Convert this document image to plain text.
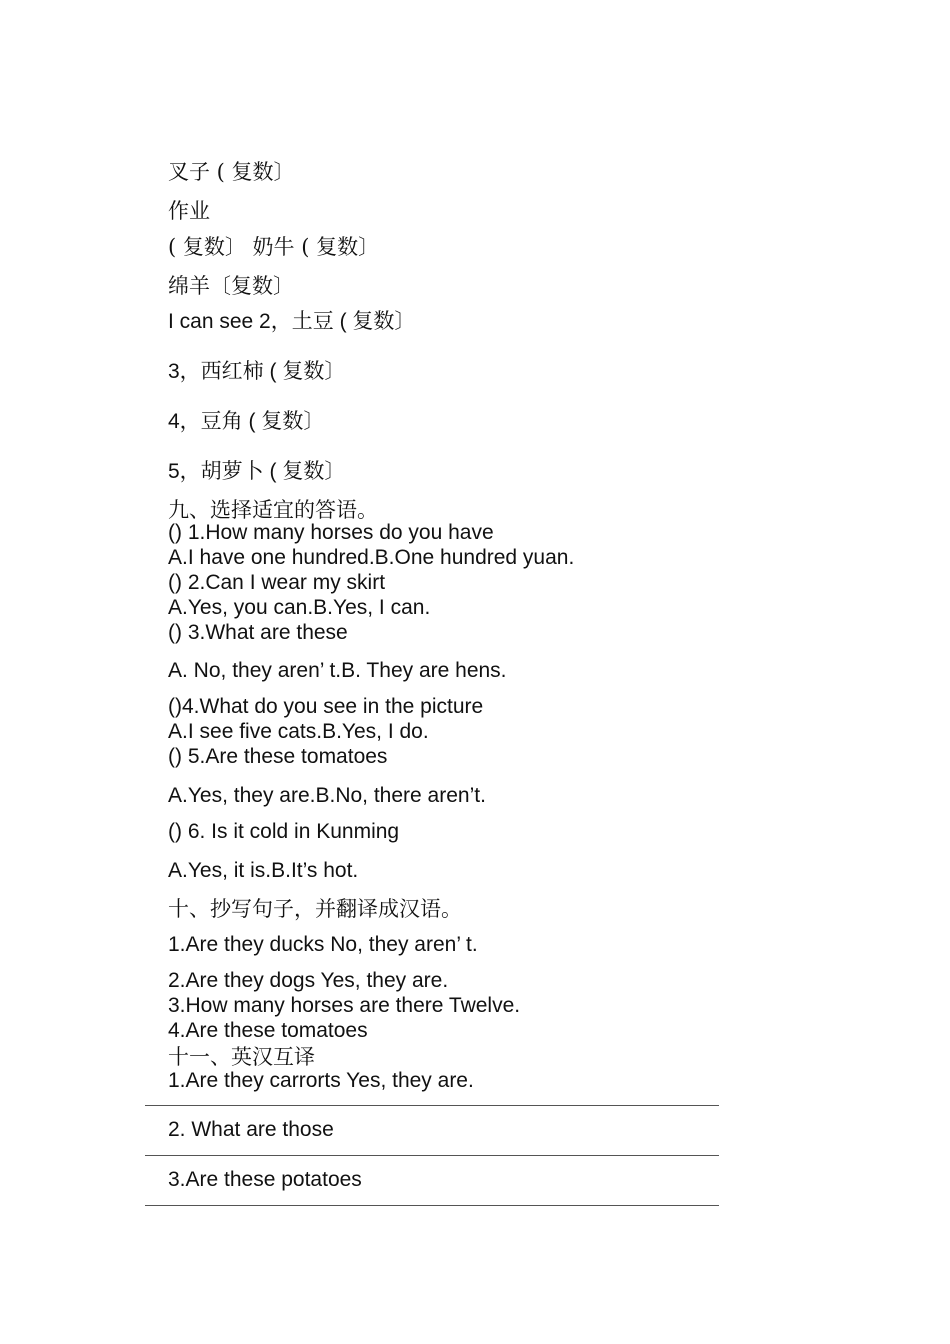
叉子 ( 复数〕
作业
( 复数〕 奶牛 ( 复数〕
绵羊〔复数〕
I can see 2，土豆 ( 复数〕
3，西红柿 ( 复数〕
4，豆角 ( 复数〕
5，胡萝卜 ( 复数〕
九、选择适宜的答语。
() 1.How many horses do you have
A.I have one hundred.B.One hundred yuan.
() 2.Can I wear my skirt
A.Yes, you can.B.Yes, I can.
() 3.What are these
A. No, they aren’ t.B. They are hens.
()4.What do you see in the picture
A.I see five cats.B.Yes, I do.
() 5.Are these tomatoes
A.Yes, they are.B.No, there aren’t.
() 6. Is it cold in Kunming
A.Yes, it is.B.It’s hot.
十、抄写句子，并翻译成汉语。
1.Are they ducks No, they aren’ t.
2.Are they dogs Yes, they are.
3.How many horses are there Twelve.
4.Are these tomatoes
十一、英汉互译
1.Are they carrorts Yes, they are.
2. What are those
3.Are these potatoes
